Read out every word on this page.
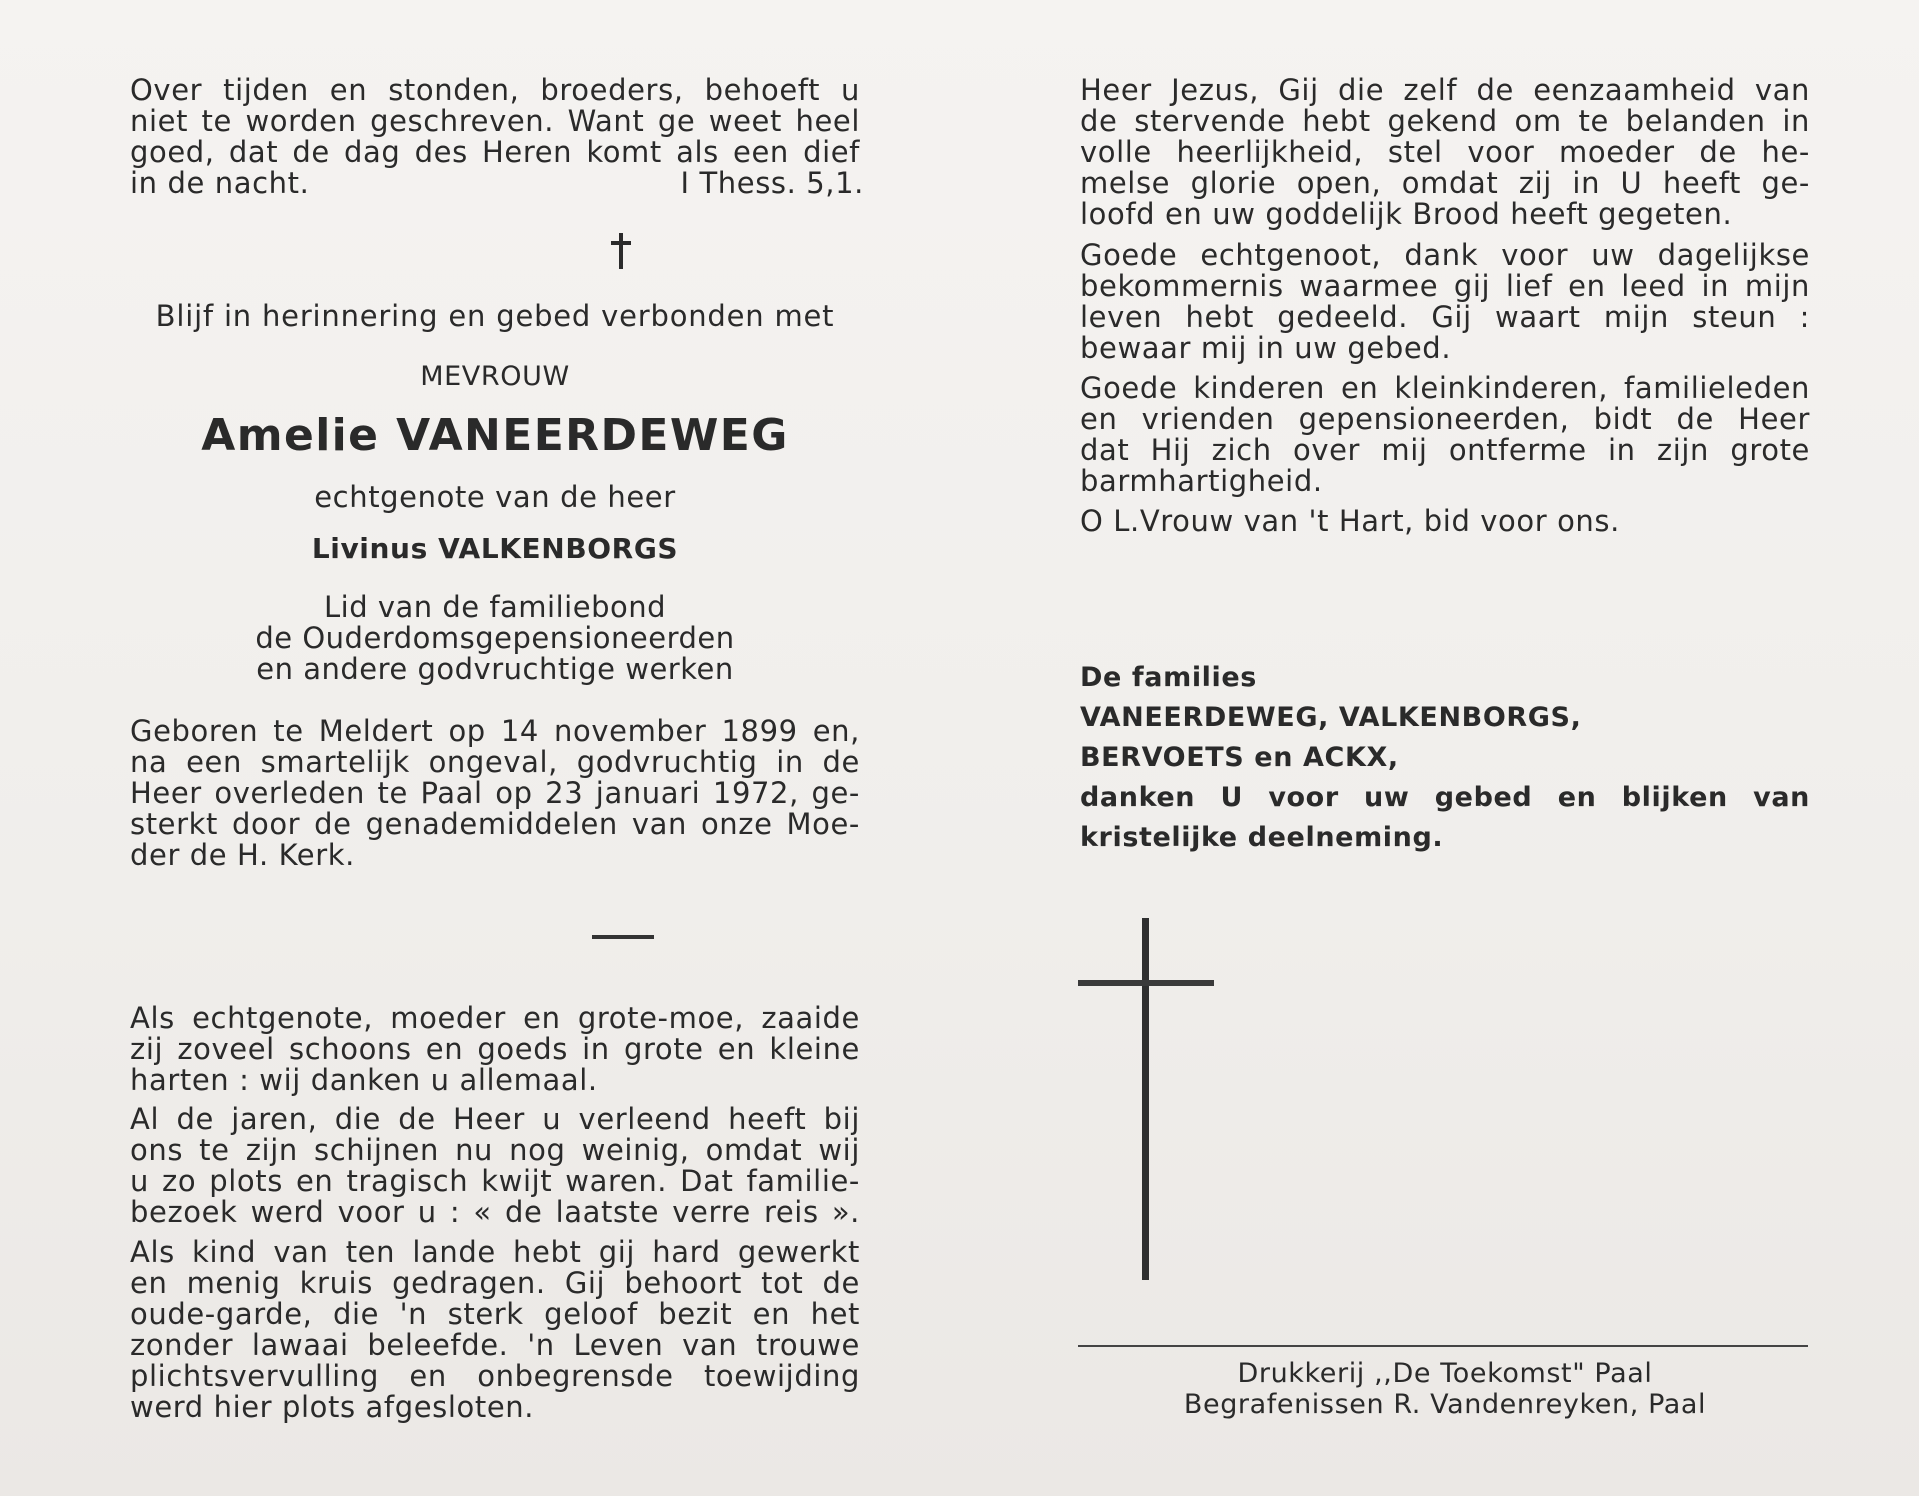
Over tijden en stonden, broeders, behoeft u

niet te worden geschreven. Want ge weet heel

goed, dat de dag des Heren komt als een dief

in de nacht.	I Thess. 5,1.

Blijf in herinnering en gebed verbonden met

MEVROUW

Amelie VANEERDEWEG

echtgenote van de heer

Livinus VALKENBORGS

Lid van de familiebond
de Ouderdomsgepensioneerden
en andere godvruchtige werken

Geboren te Meldert op 14 november 1899 en,

na een smartelijk ongeval, godvruchtig in de

Heer overleden te Paal op 23 januari 1972, ge-

sterkt door de genademiddelen van onze Moe-

der de H. Kerk.

Als echtgenote, moeder en grote-moe, zaaide

zij zoveel schoons en goeds in grote en kleine

harten : wij danken u allemaal.

Al de jaren, die de Heer u verleend heeft bij

ons te zijn schijnen nu nog weinig, omdat wij

u zo plots en tragisch kwijt waren. Dat familie-

bezoek werd voor u : « de laatste verre reis ».

Als kind van ten lande hebt gij hard gewerkt

en menig kruis gedragen. Gij behoort tot de

oude-garde, die 'n sterk geloof bezit en het

zonder lawaai beleefde. 'n Leven van trouwe

plichtsvervulling en onbegrensde toewijding

werd hier plots afgesloten.

Heer Jezus, Gij die zelf de eenzaamheid van

de stervende hebt gekend om te belanden in

volle heerlijkheid, stel voor moeder de he-

melse glorie open, omdat zij in U heeft ge-

loofd en uw goddelijk Brood heeft gegeten.

Goede echtgenoot, dank voor uw dagelijkse

bekommernis waarmee gij lief en leed in mijn

leven hebt gedeeld. Gij waart mijn steun :

bewaar mij in uw gebed.

Goede kinderen en kleinkinderen, familieleden

en vrienden gepensioneerden, bidt de Heer

dat Hij zich over mij ontferme in zijn grote

barmhartigheid.

O L.Vrouw van 't Hart, bid voor ons.

De families

VANEERDEWEG, VALKENBORGS,

BERVOETS en ACKX,

danken U voor uw gebed en blijken van

kristelijke deelneming.

Drukkerij ,,De Toekomst" Paal
Begrafenissen R. Vandenreyken, Paal
